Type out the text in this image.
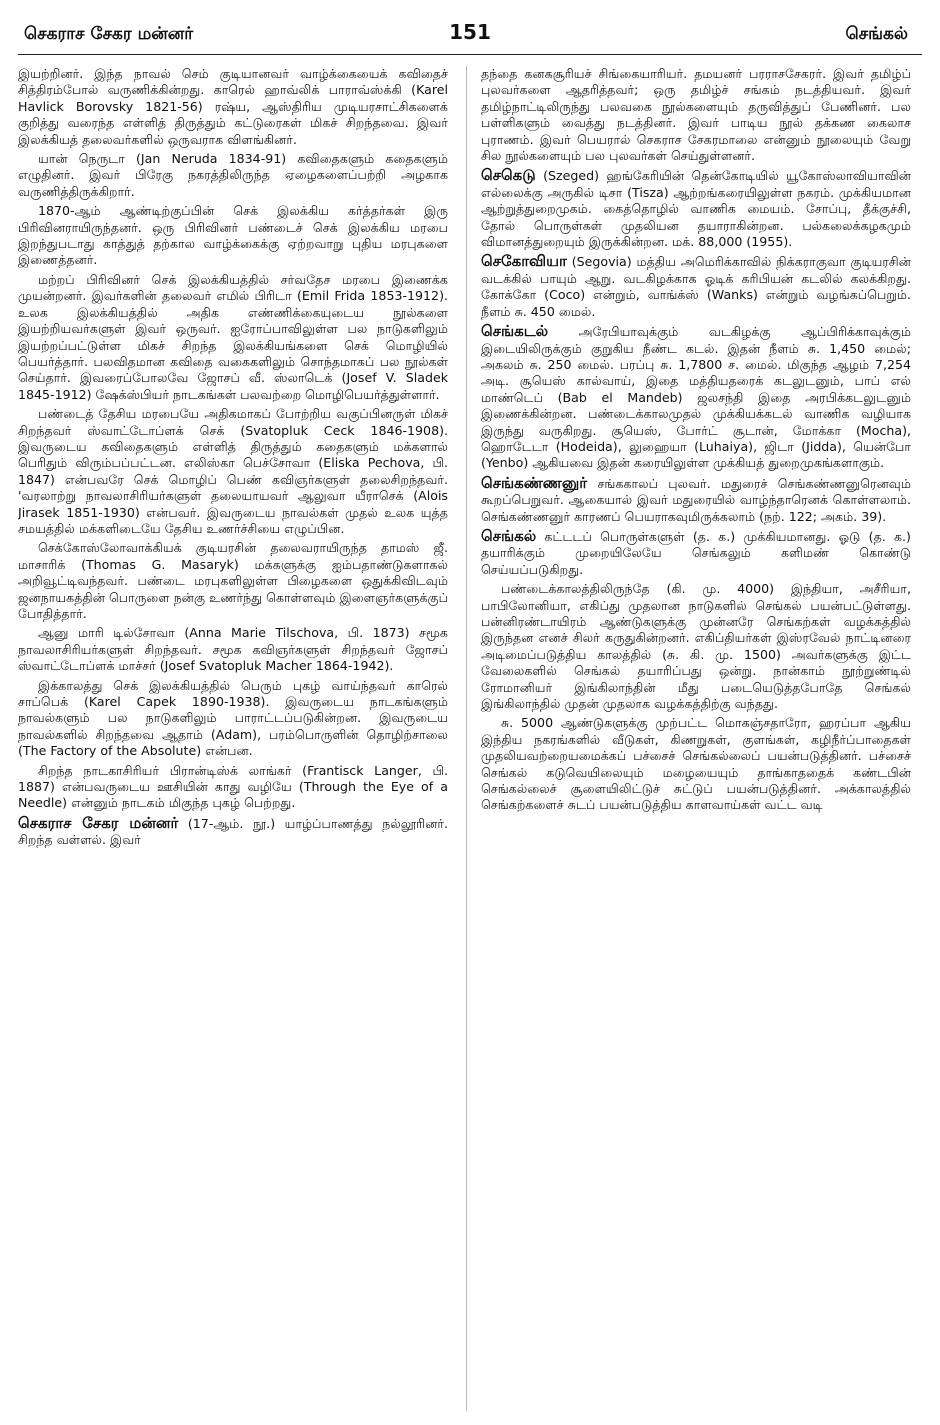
செகராச சேகர மன்னர்	151	செங்கல்

இயற்றினர். இந்த நாவல் செம் குடியானவர் வாழ்க்கையைக் கவிதைச் சித்திரம்போல் வருணிக்கின்றது. காரெல் ஹாவ்லிக் பாராவ்ஸ்க்கி (Karel Havlick Borovsky 1821-56) ரஷ்ய, ஆஸ்திரிய முடியரசாட்சிகளைக் குறித்து வரைந்த எள்ளித் திருத்தும் கட்டுரைகள் மிகச் சிறந்தவை. இவர் இலக்கியத் தலைவர்களில் ஒருவராக விளங்கினர்.

யான் நெருடா (Jan Neruda 1834-91) கவிதைகளும் கதைகளும் எழுதினர். இவர் பிரேகு நகரத்திலிருந்த ஏழைகளைப்பற்றி அழகாக வருணித்திருக்கிறார்.

1870-ஆம் ஆண்டிற்குப்பின் செக் இலக்கிய கர்த்தர்கள் இரு பிரிவினராயிருந்தனர். ஒரு பிரிவினர் பண்டைச் செக் இலக்கிய மரபை இறந்துபடாது காத்துத் தற்கால வாழ்க்கைக்கு ஏற்றவாறு புதிய மரபுகளை இணைத்தனர்.

மற்றப் பிரிவினர் செக் இலக்கியத்தில் சர்வதேச மரபை இணைக்க முயன்றனர். இவர்களின் தலைவர் எமில் பிரிடா (Emil Frida 1853-1912). உலக இலக்கியத்தில் அதிக எண்ணிக்கையுடைய நூல்களை இயற்றியவர்களுள் இவர் ஒருவர். ஐரோப்பாவிலுள்ள பல நாடுகளிலும் இயற்றப்பட்டுள்ள மிகச் சிறந்த இலக்கியங்களை செக் மொழியில் பெயர்த்தார். பலவிதமான கவிதை வகைகளிலும் சொந்தமாகப் பல நூல்கள் செய்தார். இவரைப்போலவே ஜோசப் வீ. ஸ்லாடெக் (Josef V. Sladek 1845-1912) ஷேக்ஸ்பியர் நாடகங்கள் பலவற்றை மொழிபெயர்த்துள்ளார்.

பண்டைத் தேசிய மரபையே அதிகமாகப் போற்றிய வகுப்பினருள் மிகச் சிறந்தவர் ஸ்வாட்டோப்ளக் செக் (Svatopluk Ceck 1846-1908). இவருடைய கவிதைகளும் எள்ளித் திருத்தும் கதைகளும் மக்களால் பெரிதும் விரும்பப்பட்டன. எலிஸ்கா பெச்சோவா (Eliska Pechova, பி. 1847) என்பவரே செக் மொழிப் பெண் கவிஞர்களுள் தலைசிறந்தவர். 'வரலாற்று நாவலாசிரியர்களுள் தலையாயவர் ஆலுவா யீராசெக் (Alois Jirasek 1851-1930) என்பவர். இவருடைய நாவல்கள் முதல் உலக யுத்த சமயத்தில் மக்களிடையே தேசிய உணர்ச்சியை எழுப்பின.

செக்கோஸ்லோவாக்கியக் குடியரசின் தலைவராயிருந்த தாமஸ் ஜீ. மாசாரிக் (Thomas G. Masaryk) மக்களுக்கு ஐம்பதாண்டுகளாகல் அறிவூட்டிவந்தவர். பண்டை மரபுகளிலுள்ள பிழைகளை ஒதுக்கிவிடவும் ஜனநாயகத்தின் பொருளை நன்கு உணர்ந்து கொள்ளவும் இளைஞர்களுக்குப் போதித்தார்.

ஆனு மாரி டில்சோவா (Anna Marie Tilschova, பி. 1873) சமூக நாவலாசிரியர்களுள் சிறந்தவர். சமூக கவிஞர்களுள் சிறந்தவர் ஜோசப் ஸ்வாட்டோப்ளக் மாச்சர் (Josef Svatopluk Macher 1864-1942).

இக்காலத்து செக் இலக்கியத்தில் பெரும் புகழ் வாய்ந்தவர் காரெல் சாப்பெக் (Karel Capek 1890-1938). இவருடைய நாடகங்களும் நாவல்களும் பல நாடுகளிலும் பாராட்டப்படுகின்றன. இவருடைய நாவல்களில் சிறந்தவை ஆதாம் (Adam), பரம்பொருளின் தொழிற்சாலை (The Factory of the Absolute) என்பன.

சிறந்த நாடகாசிரியர் பிரான்டிஸ்க் லாங்கர் (Frantisck Langer, பி. 1887) என்பவருடைய ஊசியின் காது வழியே (Through the Eye of a Needle) என்னும் நாடகம் மிகுந்த புகழ் பெற்றது.

செகராச சேகர மன்னர் (17-ஆம். நூ.) யாழ்ப்பாணத்து நல்லூரினர். சிறந்த வள்ளல். இவர்

தந்தை கனகசூரியச் சிங்கையாரியர். தமயனர் பரராசசேகரர். இவர் தமிழ்ப் புலவர்களை ஆதரித்தவர்; ஒரு தமிழ்ச் சங்கம் நடத்தியவர். இவர் தமிழ்நாட்டிலிருந்து பலவகை நூல்களையும் தருவித்துப் பேணினர். பல பள்ளிகளும் வைத்து நடத்தினர். இவர் பாடிய நூல் தக்கண கைலாச புராணம். இவர் பெயரால் செகராச சேகரமாலை என்னும் நூலையும் வேறு சில நூல்களையும் பல புலவர்கள் செய்துள்ளனர்.

செகெடு (Szeged) ஹங்கேரியின் தென்கோடியில் யூகோஸ்லாவியாவின் எல்லைக்கு அருகில் டிசா (Tisza) ஆற்றங்கரையிலுள்ள நகரம். முக்கியமான ஆற்றுத்துறைமுகம். கைத்தொழில் வாணிக மையம். சோப்பு, தீக்குச்சி, தோல் பொருள்கள் முதலியன தயாராகின்றன. பல்கலைக்கழகமும் விமானத்துறையும் இருக்கின்றன. மக். 88,000 (1955).

செகோவியா (Segovia) மத்திய அமெரிக்காவில் நிக்கராகுவா குடியரசின் வடக்கில் பாயும் ஆறு. வடகிழக்காக ஓடிக் கரிபியன் கடலில் கலக்கிறது. கோக்கோ (Coco) என்றும், வாங்க்ஸ் (Wanks) என்றும் வழங்கப்பெறும். நீளம் சு. 450 மைல்.

செங்கடல் அரேபியாவுக்கும் வடகிழக்கு ஆப்பிரிக்காவுக்கும் இடையிலிருக்கும் குறுகிய நீண்ட கடல். இதன் நீளம் சு. 1,450 மைல்; அகலம் சு. 250 மைல். பரப்பு சு. 1,7800 ச. மைல். மிகுந்த ஆழம் 7,254 அடி. சூயெஸ் கால்வாய், இதை மத்தியதரைக் கடலுடனும், பாப் எல் மாண்டெப் (Bab el Mandeb) ஜலசந்தி இதை அரபிக்கடலுடனும் இணைக்கின்றன. பண்டைக்காலமுதல் முக்கியக்கடல் வாணிக வழியாக இருந்து வருகிறது. சூயெஸ், போர்ட் சூடான், மோக்கா (Mocha), ஹொடேடா (Hodeida), லுஹையா (Luhaiya), ஜிடா (Jidda), யென்போ (Yenbo) ஆகியவை இதன் கரையிலுள்ள முக்கியத் துறைமுகங்களாகும்.

செங்கண்ணனுர் சங்ககாலப் புலவர். மதுரைச் செங்கண்ணனுரெனவும் கூறப்பெறுவர். ஆகையால் இவர் மதுரையில் வாழ்ந்தாரெனக் கொள்ளலாம். செங்கண்ணனுர் காரணப் பெயராகவுமிருக்கலாம் (நற். 122; அகம். 39).

செங்கல் கட்டடப் பொருள்களுள் (த. க.) முக்கியமானது. ஓடு (த. க.) தயாரிக்கும் முறையிலேயே செங்கலும் களிமண் கொண்டு செய்யப்படுகிறது.

பண்டைக்காலத்திலிருந்தே (கி. மு. 4000) இந்தியா, அசீரியா, பாபிலோனியா, எகிப்து முதலான நாடுகளில் செங்கல் பயன்பட்டுள்ளது. பன்னிரண்டாயிரம் ஆண்டுகளுக்கு முன்னரே செங்கற்கள் வழக்கத்தில் இருந்தன எனச் சிலர் கருதுகின்றனர். எகிப்தியர்கள் இஸ்ரவேல் நாட்டினரை அடிமைப்படுத்திய காலத்தில் (சு. கி. மு. 1500) அவர்களுக்கு இட்ட வேலைகளில் செங்கல் தயாரிப்பது ஒன்று. நான்காம் நூற்றுண்டில் ரோமானியர் இங்கிலாந்தின் மீது படையெடுத்தபோதே செங்கல் இங்கிலாந்தில் முதன் முதலாக வழக்கத்திற்கு வந்தது.

சு. 5000 ஆண்டுகளுக்கு முற்பட்ட மொகஞ்சதாரோ, ஹரப்பா ஆகிய இந்திய நகரங்களில் வீடுகள், கிணறுகள், குளங்கள், கழிநீர்ப்பாதைகள் முதலியவற்றையமைக்கப் பச்சைச் செங்கல்லைப் பயன்படுத்தினர். பச்சைச் செங்கல் கடுவெயிலையும் மழையையும் தாங்காததைக் கண்டபின் செங்கல்லைச் சூளையிலிட்டுச் சுட்டுப் பயன்படுத்தினர். அக்காலத்தில் செங்கற்களைச் சுடப் பயன்படுத்திய காளவாய்கள் வட்ட வடி
